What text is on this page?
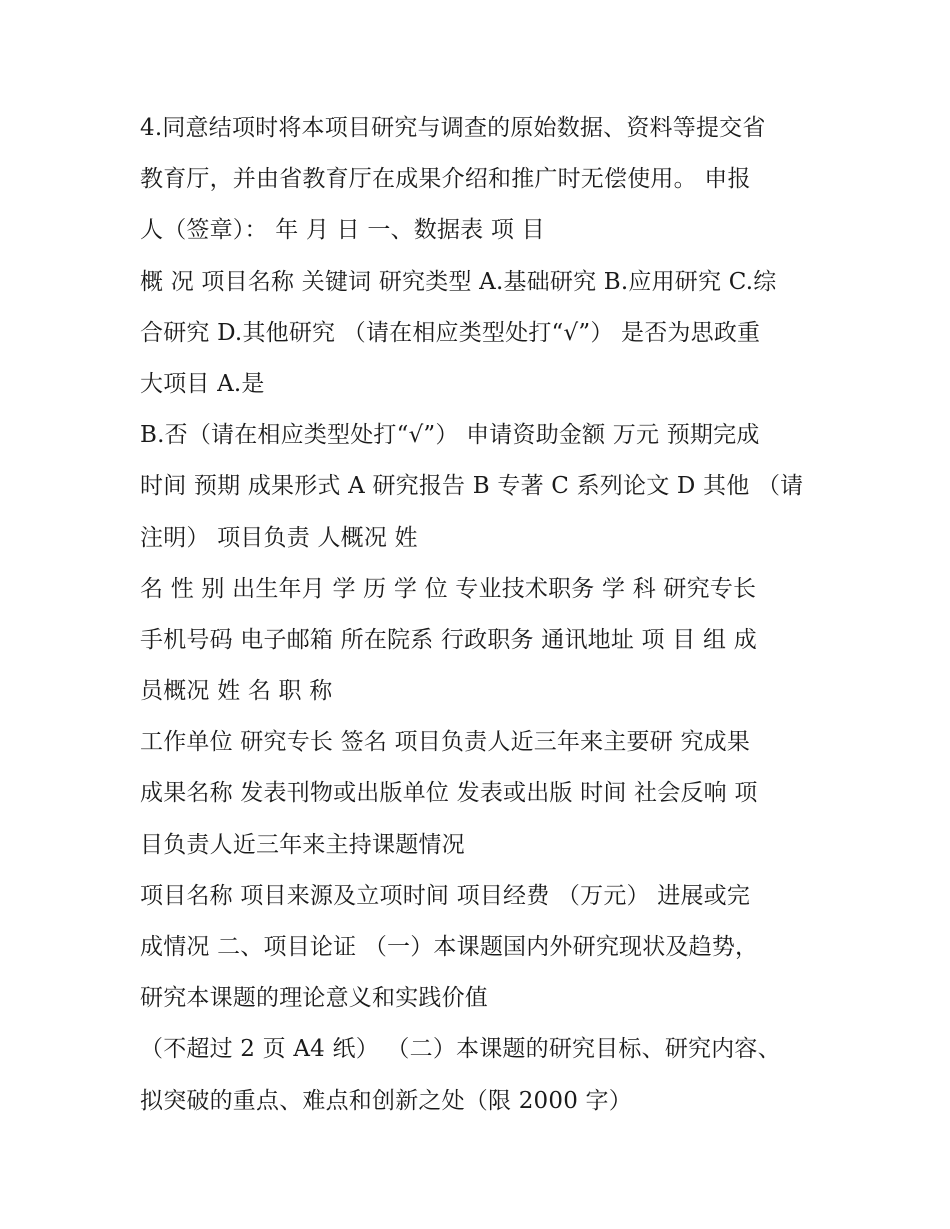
4.同意结项时将本项目研究与调查的原始数据、资料等提交省
教育厅，并由省教育厅在成果介绍和推广时无偿使用。 申报
人（签章）： 年 月 日 一、数据表 项 目
概 况 项目名称 关键词 研究类型 A.基础研究 B.应用研究 C.综
合研究 D.其他研究 （请在相应类型处打“√”） 是否为思政重
大项目 A.是
B.否（请在相应类型处打“√”） 申请资助金额 万元 预期完成
时间 预期 成果形式 A 研究报告 B 专著 C 系列论文 D 其他 （请
注明） 项目负责 人概况 姓
名 性 别 出生年月 学 历 学 位 专业技术职务 学 科 研究专长
手机号码 电子邮箱 所在院系 行政职务 通讯地址 项 目 组 成
员概况 姓 名 职 称
工作单位 研究专长 签名 项目负责人近三年来主要研 究成果
成果名称 发表刊物或出版单位 发表或出版 时间 社会反响 项
目负责人近三年来主持课题情况
项目名称 项目来源及立项时间 项目经费 （万元） 进展或完
成情况 二、项目论证 （一）本课题国内外研究现状及趋势，
研究本课题的理论意义和实践价值
（不超过 2 页 A4 纸） （二）本课题的研究目标、研究内容、
拟突破的重点、难点和创新之处（限 2000 字）
